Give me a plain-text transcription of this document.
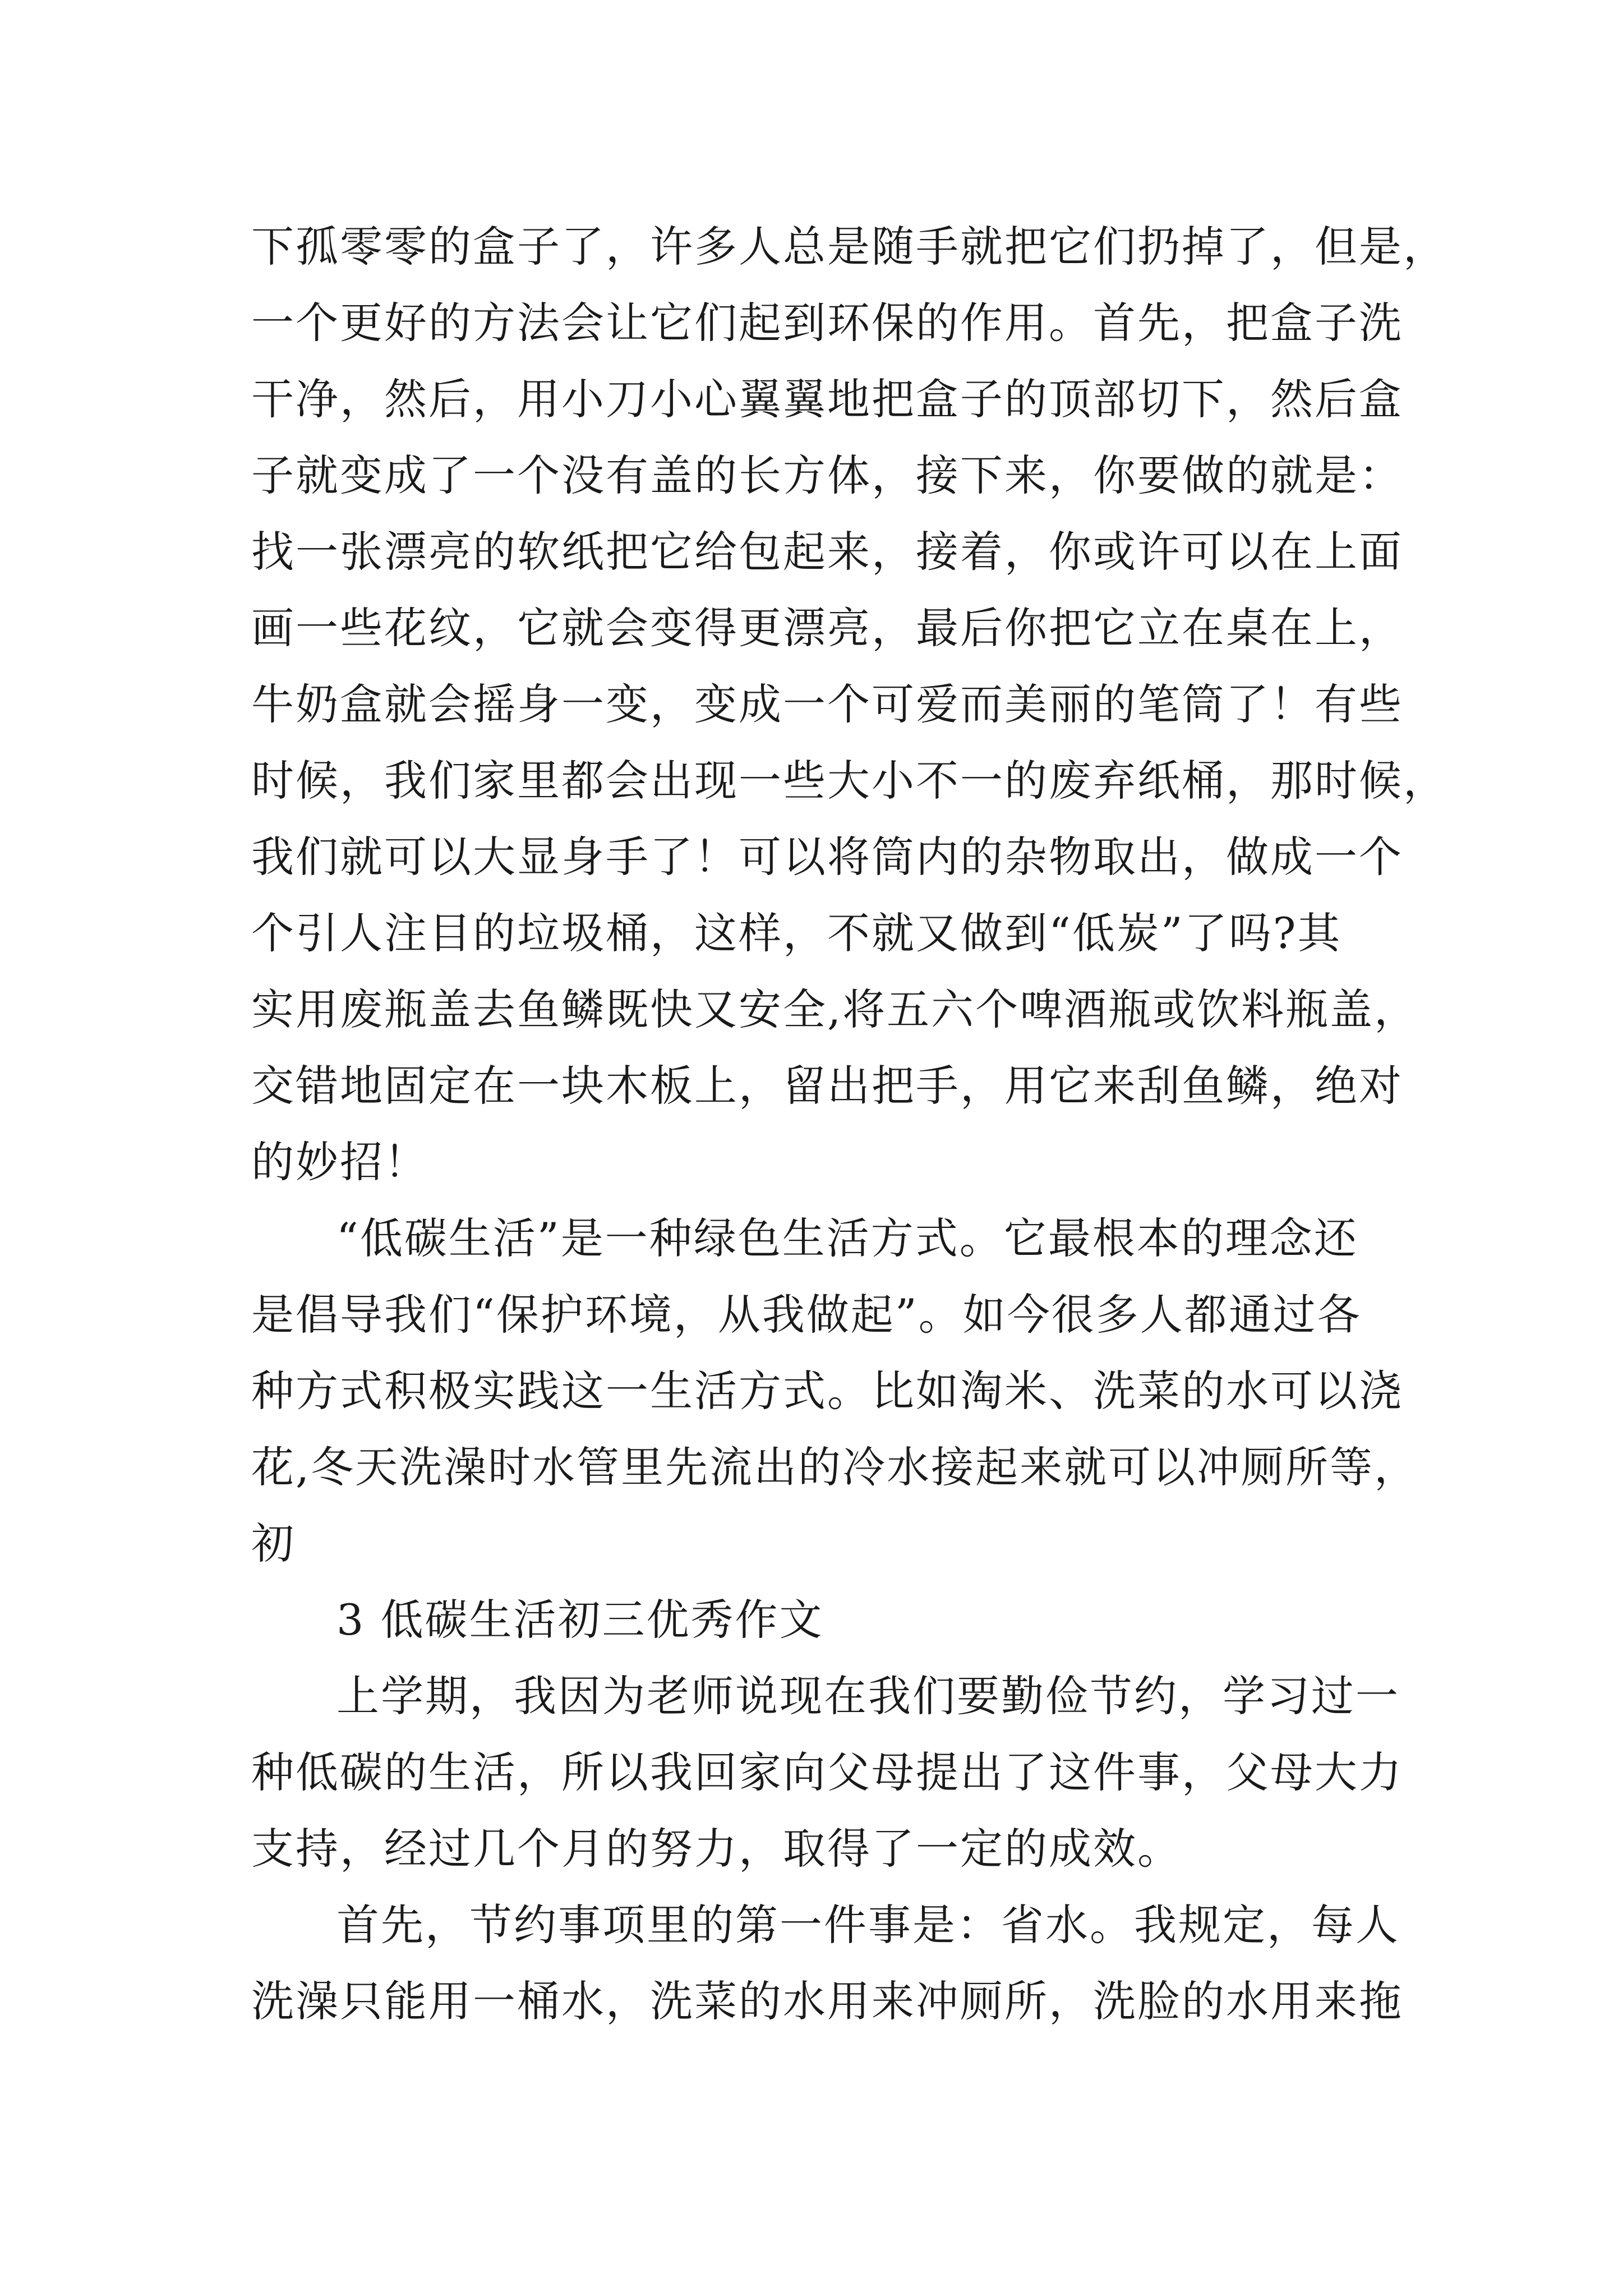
下孤零零的盒子了，许多人总是随手就把它们扔掉了，但是，
一个更好的方法会让它们起到环保的作用。首先，把盒子洗
干净，然后，用小刀小心翼翼地把盒子的顶部切下，然后盒
子就变成了一个没有盖的长方体，接下来，你要做的就是：
找一张漂亮的软纸把它给包起来，接着，你或许可以在上面
画一些花纹，它就会变得更漂亮，最后你把它立在桌在上，
牛奶盒就会摇身一变，变成一个可爱而美丽的笔筒了！有些
时候，我们家里都会出现一些大小不一的废弃纸桶，那时候，
我们就可以大显身手了！可以将筒内的杂物取出，做成一个
个引人注目的垃圾桶，这样，不就又做到“低炭”了吗?其
实用废瓶盖去鱼鳞既快又安全,将五六个啤酒瓶或饮料瓶盖，
交错地固定在一块木板上，留出把手，用它来刮鱼鳞，绝对
的妙招！
“低碳生活”是一种绿色生活方式。它最根本的理念还
是倡导我们“保护环境，从我做起”。如今很多人都通过各
种方式积极实践这一生活方式。比如淘米、洗菜的水可以浇
花,冬天洗澡时水管里先流出的冷水接起来就可以冲厕所等，
初
3 低碳生活初三优秀作文
上学期，我因为老师说现在我们要勤俭节约，学习过一
种低碳的生活，所以我回家向父母提出了这件事，父母大力
支持，经过几个月的努力，取得了一定的成效。
首先，节约事项里的第一件事是：省水。我规定，每人
洗澡只能用一桶水，洗菜的水用来冲厕所，洗脸的水用来拖
